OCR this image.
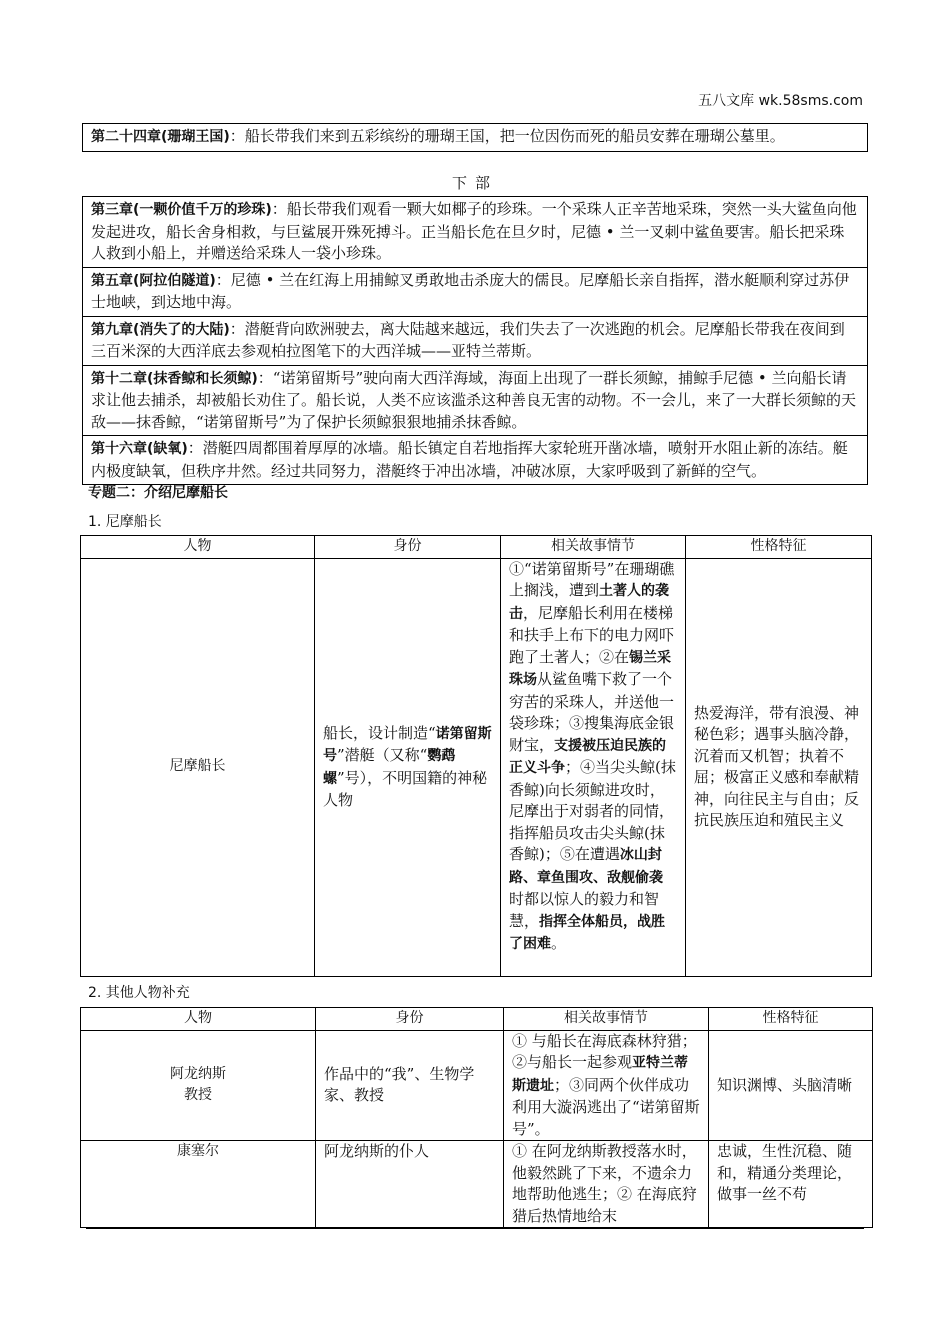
五八文库 wk.58sms.com
第二十四章(珊瑚王国)：船长带我们来到五彩缤纷的珊瑚王国，把一位因伤而死的船员安葬在珊瑚公墓里。
下部
第三章(一颗价值千万的珍珠)：船长带我们观看一颗大如椰子的珍珠。一个采珠人正辛苦地采珠，突然一头大鲨鱼向他发起进攻，船长舍身相救，与巨鲨展开殊死搏斗。正当船长危在旦夕时，尼德 • 兰一叉刺中鲨鱼要害。船长把采珠人救到小船上，并赠送给采珠人一袋小珍珠。
第五章(阿拉伯隧道)：尼德 • 兰在红海上用捕鲸叉勇敢地击杀庞大的儒艮。尼摩船长亲自指挥，潜水艇顺利穿过苏伊士地峡，到达地中海。
第九章(消失了的大陆)：潜艇背向欧洲驶去，离大陆越来越远，我们失去了一次逃跑的机会。尼摩船长带我在夜间到三百米深的大西洋底去参观柏拉图笔下的大西洋城——亚特兰蒂斯。
第十二章(抹香鲸和长须鲸)：“诺第留斯号”驶向南大西洋海域，海面上出现了一群长须鲸，捕鲸手尼德 • 兰向船长请求让他去捕杀，却被船长劝住了。船长说，人类不应该滥杀这种善良无害的动物。不一会儿，来了一大群长须鲸的天敌——抹香鲸，“诺第留斯号”为了保护长须鲸狠狠地捕杀抹香鲸。
第十六章(缺氧)：潜艇四周都围着厚厚的冰墙。船长镇定自若地指挥大家轮班开凿冰墙，喷射开水阻止新的冻结。艇内极度缺氧，但秩序井然。经过共同努力，潜艇终于冲出冰墙，冲破冰原，大家呼吸到了新鲜的空气。
专题二：介绍尼摩船长
1. 尼摩船长
人物	身份	相关故事情节	性格特征
尼摩船长	船长，设计制造“诺第留斯号”潜艇（又称“鹦鹉螺”号），不明国籍的神秘人物	①“诺第留斯号”在珊瑚礁上搁浅，遭到土著人的袭击，尼摩船长利用在楼梯和扶手上布下的电力网吓跑了土著人；②在锡兰采珠场从鲨鱼嘴下救了一个穷苦的采珠人，并送他一袋珍珠；③搜集海底金银财宝，支援被压迫民族的正义斗争；④当尖头鲸(抹香鲸)向长须鲸进攻时，尼摩出于对弱者的同情，指挥船员攻击尖头鲸(抹香鲸)；⑤在遭遇冰山封路、章鱼围攻、敌舰偷袭时都以惊人的毅力和智慧，指挥全体船员，战胜了困难。	热爱海洋，带有浪漫、神秘色彩；遇事头脑冷静，沉着而又机智；执着不屈；极富正义感和奉献精神，向往民主与自由；反抗民族压迫和殖民主义
2. 其他人物补充
人物	身份	相关故事情节	性格特征
阿龙纳斯教授	作品中的“我”、生物学家、教授	① 与船长在海底森林狩猎；②与船长一起参观亚特兰蒂斯遗址；③同两个伙伴成功利用大漩涡逃出了“诺第留斯号”。	知识渊博、头脑清晰
康塞尔	阿龙纳斯的仆人	① 在阿龙纳斯教授落水时，他毅然跳了下来，不遗余力地帮助他逃生；② 在海底狩猎后热情地给末	忠诚，生性沉稳、随 和，精通分类理论，做事一丝不苟
